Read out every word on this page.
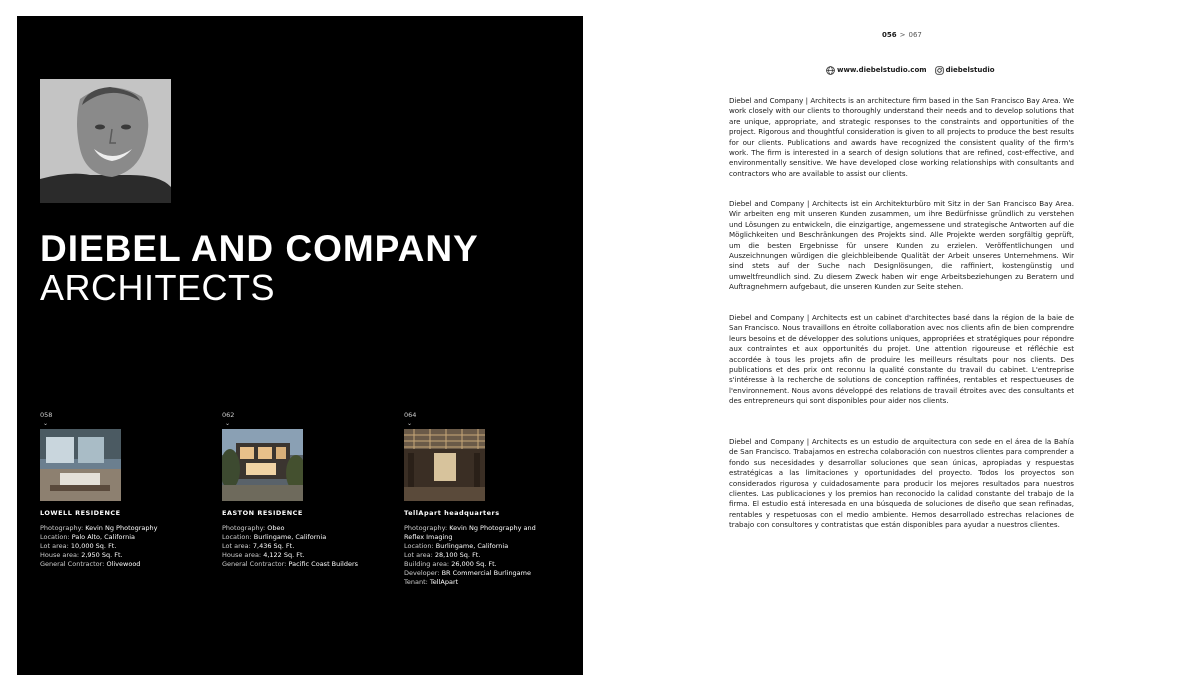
DIEBEL AND COMPANY
ARCHITECTS
058
⌄
LOWELL RESIDENCE
Photography: Kevin Ng Photography
Location: Palo Alto, California
Lot area: 10,000 Sq. Ft.
House area: 2,950 Sq. Ft.
General Contractor: Olivewood
062
⌄
EASTON RESIDENCE
Photography: Obeo
Location: Burlingame, California
Lot area: 7,436 Sq. Ft.
House area: 4,122 Sq. Ft.
General Contractor: Pacific Coast Builders
064
⌄
TellApart headquarters
Photography: Kevin Ng Photography and Reflex Imaging
Location: Burlingame, California
Lot area: 28,100 Sq. Ft.
Building area: 26,000 Sq. Ft.
Developer: BR Commercial Burlingame
Tenant: TellApart
056 > 067
www.diebelstudio.com	diebelstudio

Diebel and Company | Architects is an architecture firm based in the San Francisco Bay Area. We work closely with our clients to thoroughly understand their needs and to develop solutions that are unique, appropriate, and strategic responses to the constraints and opportunities of the project. Rigorous and thoughtful consideration is given to all projects to produce the best results for our clients. Publications and awards have recognized the consistent quality of the firm's work. The firm is interested in a search of design solutions that are refined, cost-effective, and environmentally sensitive. We have developed close working relationships with consultants and contractors who are available to assist our clients.

Diebel and Company | Architects ist ein Architekturbüro mit Sitz in der San Francisco Bay Area. Wir arbeiten eng mit unseren Kunden zusammen, um ihre Bedürfnisse gründlich zu verstehen und Lösungen zu entwickeln, die einzigartige, angemessene und strategische Antworten auf die Möglichkeiten und Beschränkungen des Projekts sind. Alle Projekte werden sorgfältig geprüft, um die besten Ergebnisse für unsere Kunden zu erzielen. Veröffentlichungen und Auszeichnungen würdigen die gleichbleibende Qualität der Arbeit unseres Unternehmens. Wir sind stets auf der Suche nach Designlösungen, die raffiniert, kostengünstig und umweltfreundlich sind. Zu diesem Zweck haben wir enge Arbeitsbeziehungen zu Beratern und Auftragnehmern aufgebaut, die unseren Kunden zur Seite stehen.

Diebel and Company | Architects est un cabinet d'architectes basé dans la région de la baie de San Francisco. Nous travaillons en étroite collaboration avec nos clients afin de bien comprendre leurs besoins et de développer des solutions uniques, appropriées et stratégiques pour répondre aux contraintes et aux opportunités du projet. Une attention rigoureuse et réfléchie est accordée à tous les projets afin de produire les meilleurs résultats pour nos clients. Des publications et des prix ont reconnu la qualité constante du travail du cabinet. L'entreprise s'intéresse à la recherche de solutions de conception raffinées, rentables et respectueuses de l'environnement. Nous avons développé des relations de travail étroites avec des consultants et des entrepreneurs qui sont disponibles pour aider nos clients.

Diebel and Company | Architects es un estudio de arquitectura con sede en el área de la Bahía de San Francisco. Trabajamos en estrecha colaboración con nuestros clientes para comprender a fondo sus necesidades y desarrollar soluciones que sean únicas, apropiadas y respuestas estratégicas a las limitaciones y oportunidades del proyecto. Todos los proyectos son considerados rigurosa y cuidadosamente para producir los mejores resultados para nuestros clientes. Las publicaciones y los premios han reconocido la calidad constante del trabajo de la firma. El estudio está interesada en una búsqueda de soluciones de diseño que sean refinadas, rentables y respetuosas con el medio ambiente. Hemos desarrollado estrechas relaciones de trabajo con consultores y contratistas que están disponibles para ayudar a nuestros clientes.
